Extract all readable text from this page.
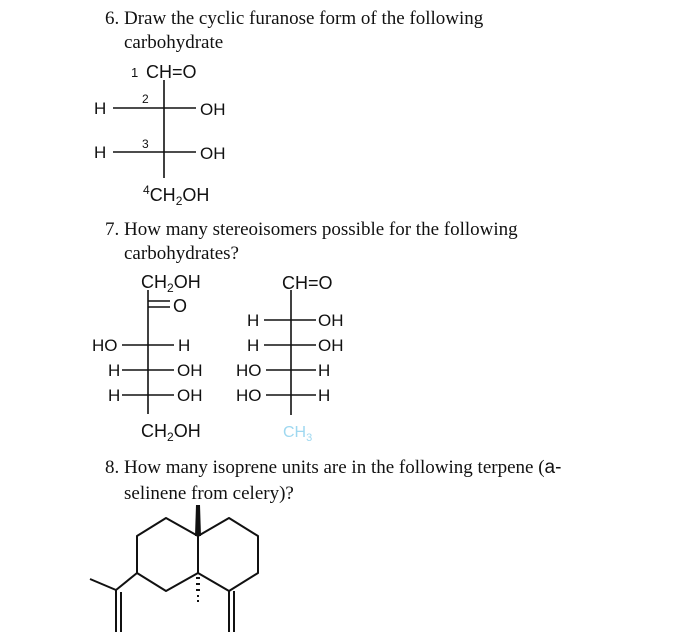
6. Draw the cyclic furanose form of the following
carbohydrate
7. How many stereoisomers possible for the following
carbohydrates?
8. How many isoprene units are in the following terpene (a-
selinene from celery)?
1 CH=O
2
3
H	OH
H	OH
$^4CH_2OH$
$CH_2OH$
O
HO	H
H	OH
H	OH
$CH_2OH$
CH=O
H	OH
H	OH
HO	H
HO	H
$CH_3$
